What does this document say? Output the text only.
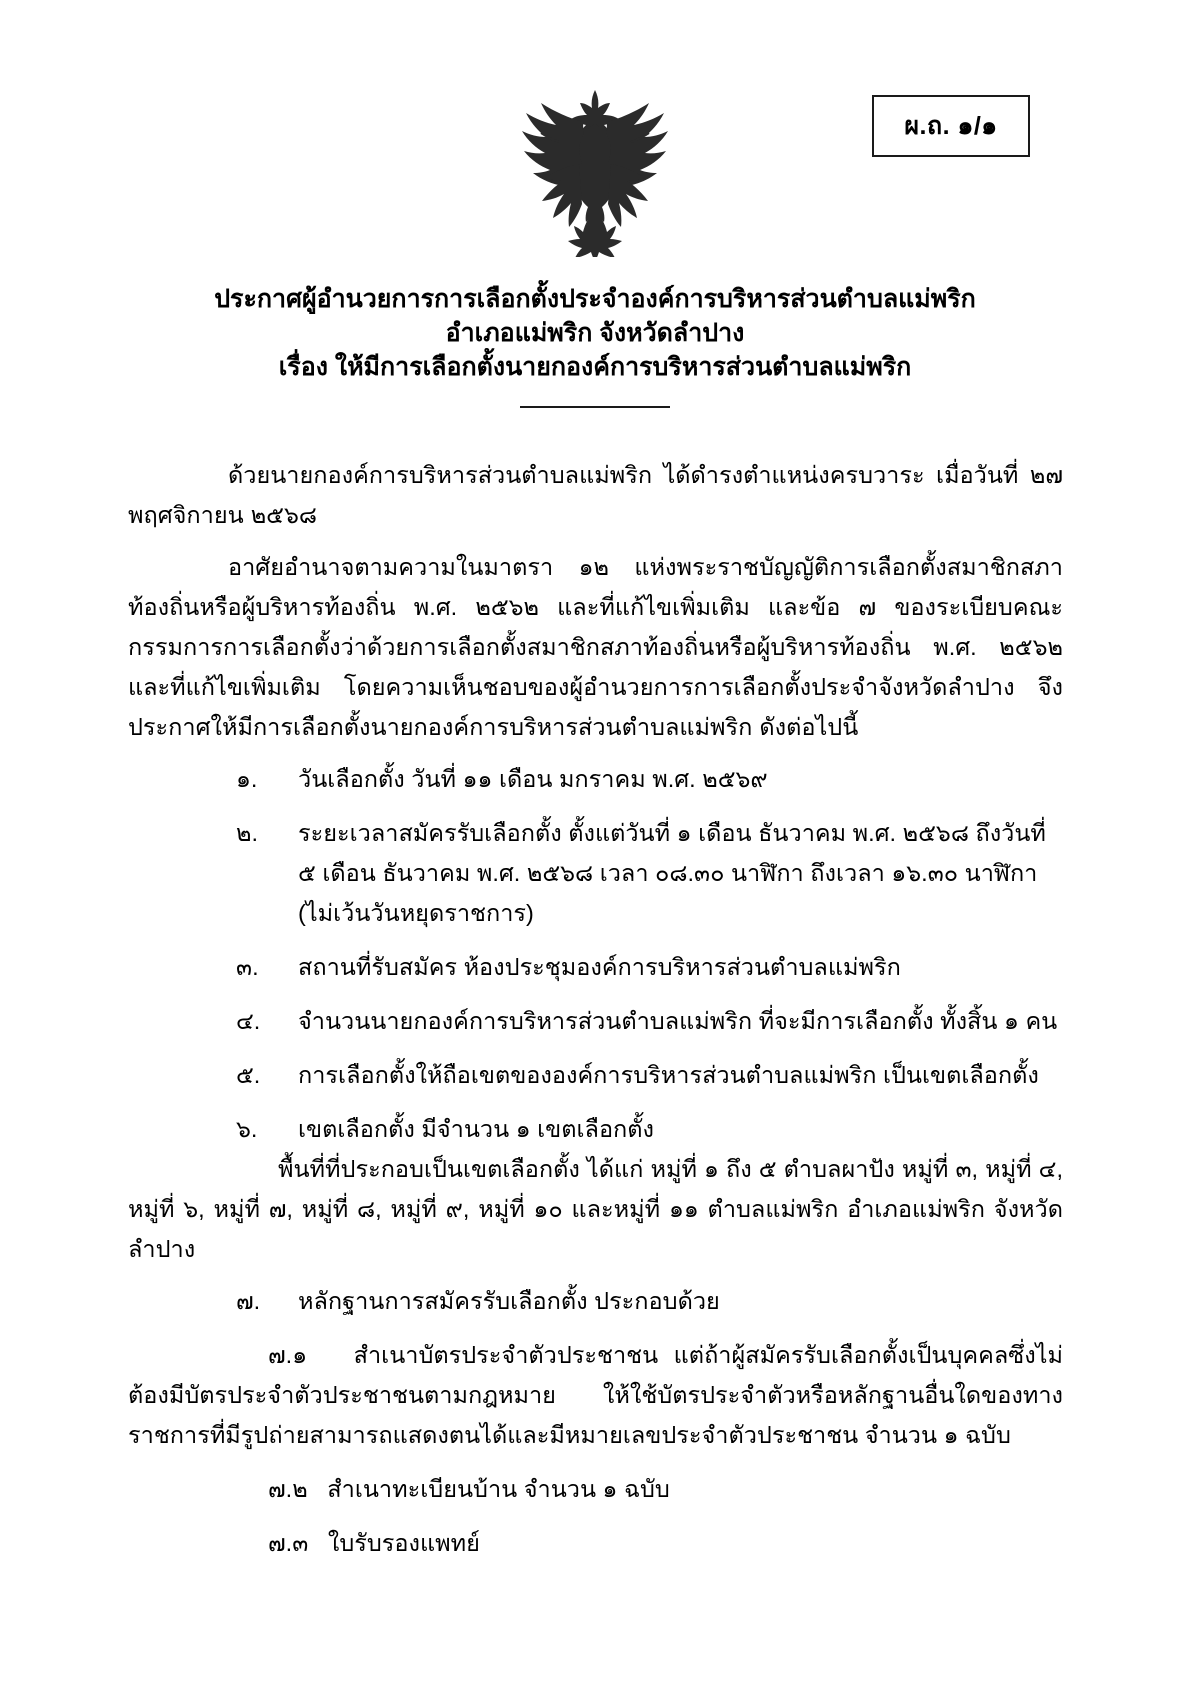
ผ.ถ. ๑/๑
ประกาศผู้อำนวยการการเลือกตั้งประจำองค์การบริหารส่วนตำบลแม่พริก
อำเภอแม่พริก จังหวัดลำปาง
เรื่อง ให้มีการเลือกตั้งนายกองค์การบริหารส่วนตำบลแม่พริก

ด้วยนายกองค์การบริหารส่วนตำบลแม่พริก ได้ดำรงตำแหน่งครบวาระ เมื่อวันที่ ๒๗ พฤศจิกายน ๒๕๖๘

อาศัยอำนาจตามความในมาตรา ๑๒ แห่งพระราชบัญญัติการเลือกตั้งสมาชิกสภาท้องถิ่นหรือผู้บริหารท้องถิ่น พ.ศ. ๒๕๖๒ และที่แก้ไขเพิ่มเติม และข้อ ๗ ของระเบียบคณะกรรมการการเลือกตั้งว่าด้วยการเลือกตั้งสมาชิกสภาท้องถิ่นหรือผู้บริหารท้องถิ่น พ.ศ. ๒๕๖๒ และที่แก้ไขเพิ่มเติม โดยความเห็นชอบของผู้อำนวยการการเลือกตั้งประจำจังหวัดลำปาง จึงประกาศให้มีการเลือกตั้งนายกองค์การบริหารส่วนตำบลแม่พริก ดังต่อไปนี้

๑.	วันเลือกตั้ง วันที่ ๑๑ เดือน มกราคม พ.ศ. ๒๕๖๙
๒.	ระยะเวลาสมัครรับเลือกตั้ง ตั้งแต่วันที่ ๑ เดือน ธันวาคม พ.ศ. ๒๕๖๘ ถึงวันที่ ๕ เดือน ธันวาคม พ.ศ. ๒๕๖๘ เวลา ๐๘.๓๐ นาฬิกา ถึงเวลา ๑๖.๓๐ นาฬิกา (ไม่เว้นวันหยุดราชการ)
๓.	สถานที่รับสมัคร ห้องประชุมองค์การบริหารส่วนตำบลแม่พริก
๔.	จำนวนนายกองค์การบริหารส่วนตำบลแม่พริก ที่จะมีการเลือกตั้ง ทั้งสิ้น ๑ คน
๕.	การเลือกตั้งให้ถือเขตขององค์การบริหารส่วนตำบลแม่พริก เป็นเขตเลือกตั้ง
๖.	เขตเลือกตั้ง มีจำนวน ๑ เขตเลือกตั้ง

พื้นที่ที่ประกอบเป็นเขตเลือกตั้ง ได้แก่ หมู่ที่ ๑ ถึง ๕ ตำบลผาปัง หมู่ที่ ๓, หมู่ที่ ๔, หมู่ที่ ๖, หมู่ที่ ๗, หมู่ที่ ๘, หมู่ที่ ๙, หมู่ที่ ๑๐ และหมู่ที่ ๑๑ ตำบลแม่พริก อำเภอแม่พริก จังหวัดลำปาง

๗.	หลักฐานการสมัครรับเลือกตั้ง ประกอบด้วย

๗.๑ สำเนาบัตรประจำตัวประชาชน แต่ถ้าผู้สมัครรับเลือกตั้งเป็นบุคคลซึ่งไม่ต้องมีบัตรประจำตัวประชาชนตามกฎหมาย ให้ใช้บัตรประจำตัวหรือหลักฐานอื่นใดของทางราชการที่มีรูปถ่ายสามารถแสดงตนได้และมีหมายเลขประจำตัวประชาชน จำนวน ๑ ฉบับ

๗.๒ สำเนาทะเบียนบ้าน จำนวน ๑ ฉบับ

๗.๓ ใบรับรองแพทย์
